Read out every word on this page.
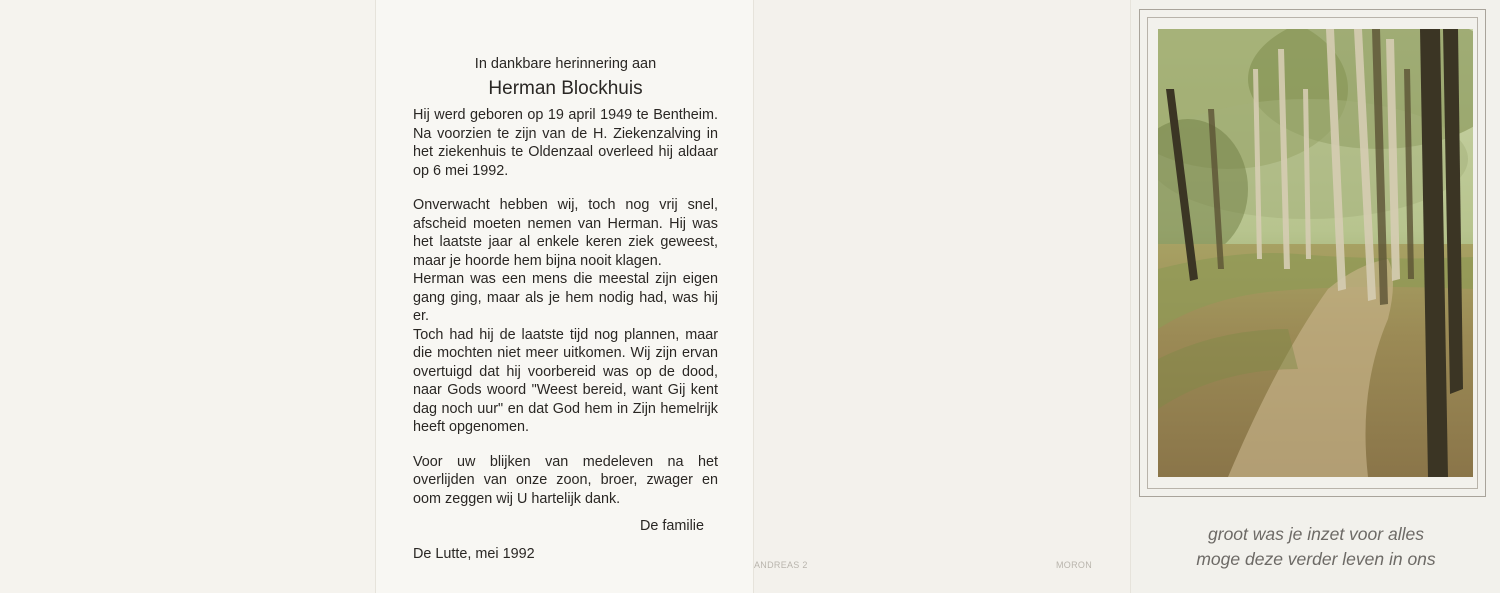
In dankbare herinnering aan

Herman Blockhuis

Hij werd geboren op 19 april 1949 te Bentheim. Na voorzien te zijn van de H. Ziekenzalving in het ziekenhuis te Oldenzaal overleed hij aldaar op 6 mei 1992.

Onverwacht hebben wij, toch nog vrij snel, afscheid moeten nemen van Herman. Hij was het laatste jaar al enkele keren ziek geweest, maar je hoorde hem bijna nooit klagen.

Herman was een mens die meestal zijn eigen gang ging, maar als je hem nodig had, was hij er.

Toch had hij de laatste tijd nog plannen, maar die mochten niet meer uitkomen. Wij zijn ervan overtuigd dat hij voorbereid was op de dood, naar Gods woord "Weest bereid, want Gij kent dag noch uur" en dat God hem in Zijn hemelrijk heeft opgenomen.

Voor uw blijken van medeleven na het overlijden van onze zoon, broer, zwager en oom zeggen wij U hartelijk dank.

De familie
De Lutte, mei 1992
ANDREAS 2	MORON
groot was je inzet voor alles
moge deze verder leven in ons
